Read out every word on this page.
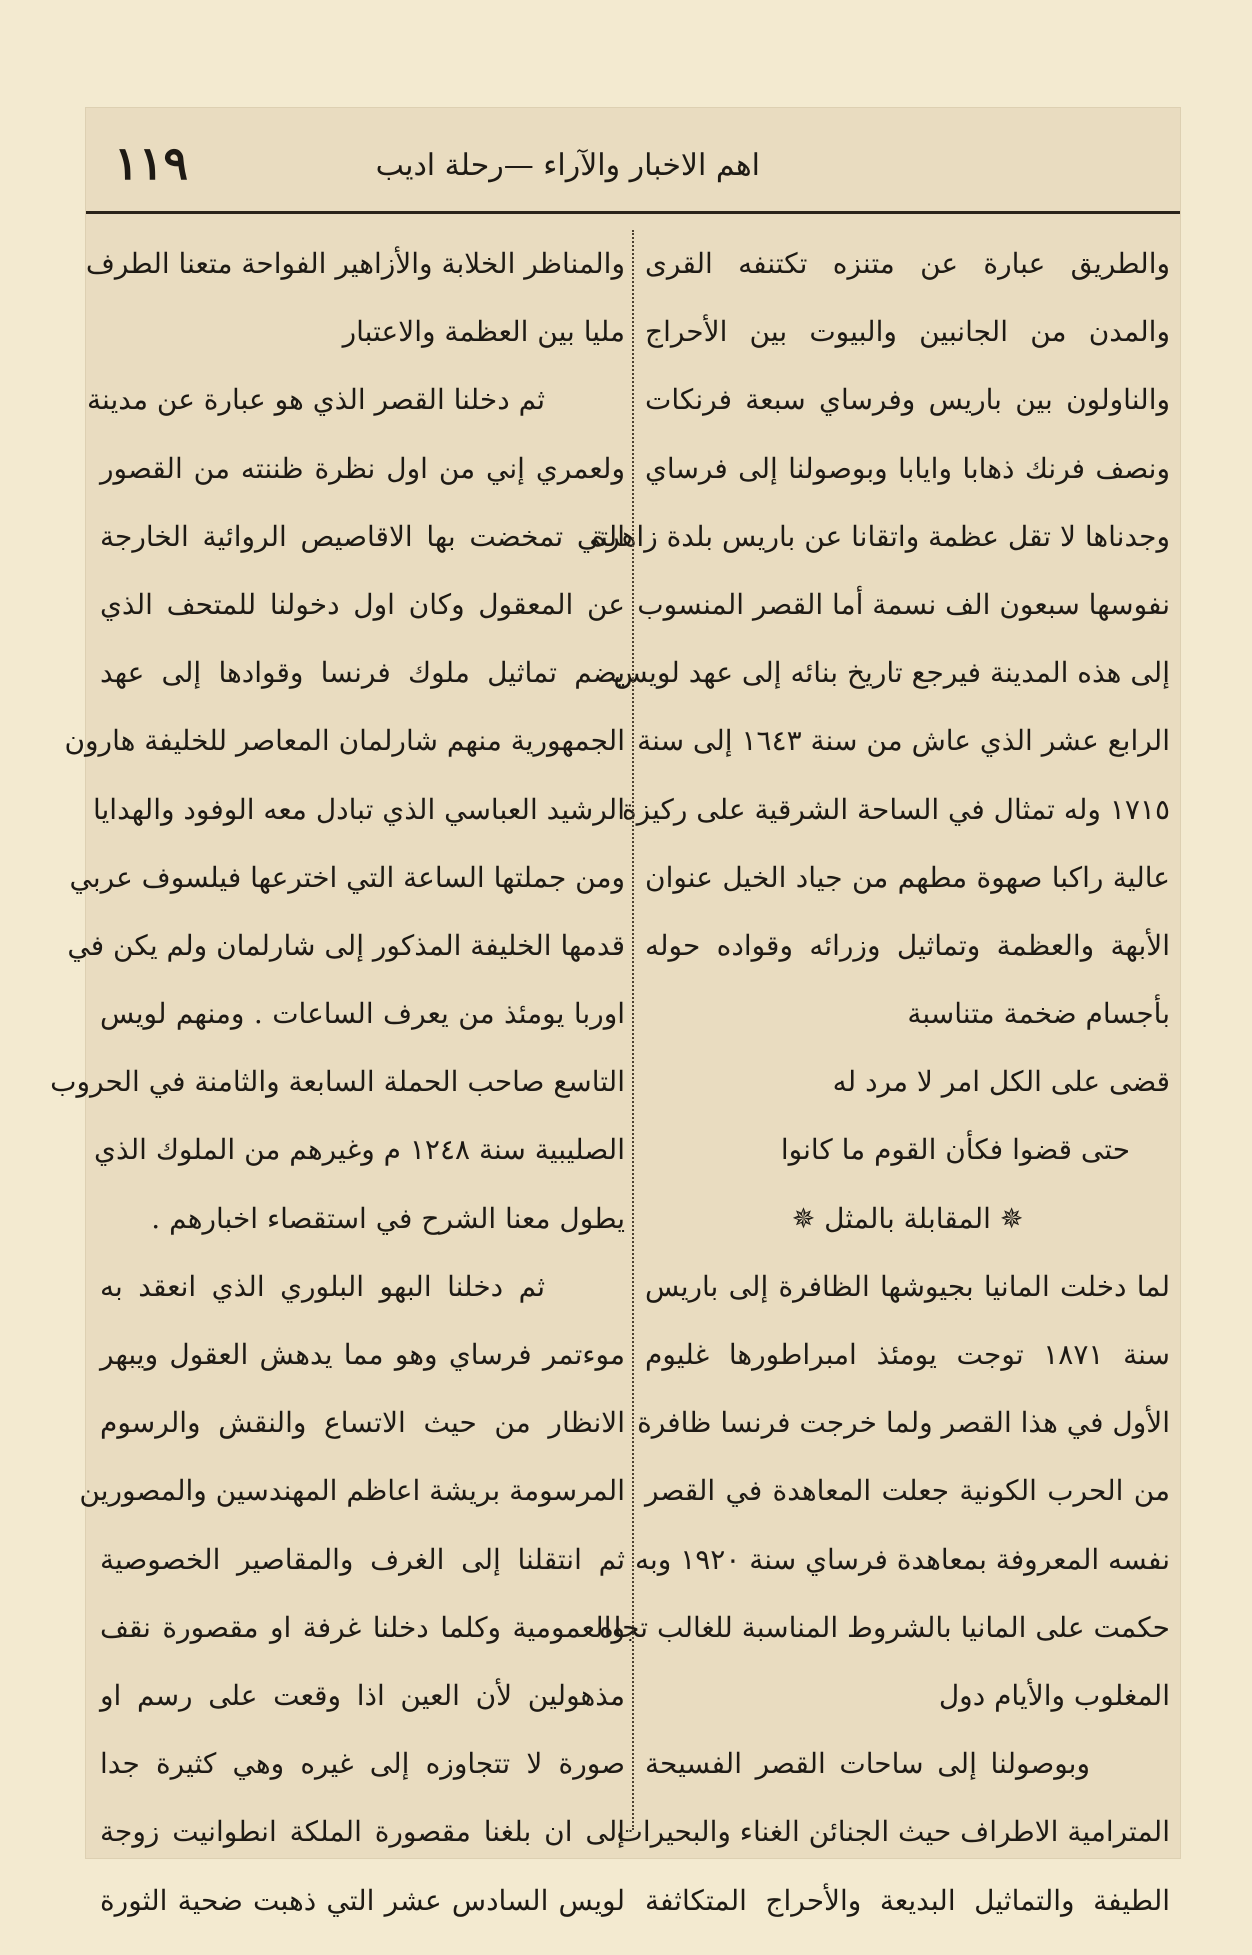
اهم الاخبار والآراء —رحلة اديب
١١٩
والطريق عبارة عن متنزه تكتنفه القرى
والمدن من الجانبين والبيوت بين الأحراج
والناولون بين باريس وفرساي سبعة فرنكات
ونصف فرنك ذهابا وايابا وبوصولنا إلى فرساي
وجدناها لا تقل عظمة واتقانا عن باريس بلدة زاهرة
نفوسها سبعون الف نسمة أما القصر المنسوب
إلى هذه المدينة فيرجع تاريخ بنائه إلى عهد لويس
الرابع عشر الذي عاش من سنة ١٦٤٣ إلى سنة
١٧١٥ وله تمثال في الساحة الشرقية على ركيزة
عالية راكبا صهوة مطهم من جياد الخيل عنوان
الأبهة والعظمة وتماثيل وزرائه وقواده حوله
بأجسام ضخمة متناسبة
قضى على الكل امر لا مرد له
حتى قضوا فكأن القوم ما كانوا
✵ المقابلة بالمثل ✵
لما دخلت المانيا بجيوشها الظافرة إلى باريس
سنة ١٨٧١ توجت يومئذ امبراطورها غليوم
الأول في هذا القصر ولما خرجت فرنسا ظافرة
من الحرب الكونية جعلت المعاهدة في القصر
نفسه المعروفة بمعاهدة فرساي سنة ١٩٢٠ وبه
حكمت على المانيا بالشروط المناسبة للغالب تجاه
المغلوب والأيام دول
وبوصولنا إلى ساحات القصر الفسيحة
المترامية الاطراف حيث الجنائن الغناء والبحيرات
الطيفة والتماثيل البديعة والأحراج المتكاثفة
والمناظر الخلابة والأزاهير الفواحة متعنا الطرف
مليا بين العظمة والاعتبار
ثم دخلنا القصر الذي هو عبارة عن مدينة
ولعمري إني من اول نظرة ظننته من القصور
التي تمخضت بها الاقاصيص الروائية الخارجة
عن المعقول وكان اول دخولنا للمتحف الذي
يضم تماثيل ملوك فرنسا وقوادها إلى عهد
الجمهورية منهم شارلمان المعاصر للخليفة هارون
الرشيد العباسي الذي تبادل معه الوفود والهدايا
ومن جملتها الساعة التي اخترعها فيلسوف عربي
قدمها الخليفة المذكور إلى شارلمان ولم يكن في
اوربا يومئذ من يعرف الساعات . ومنهم لويس
التاسع صاحب الحملة السابعة والثامنة في الحروب
الصليبية سنة ١٢٤٨ م وغيرهم من الملوك الذي
يطول معنا الشرح في استقصاء اخبارهم .
ثم دخلنا البهو البلوري الذي انعقد به
موءتمر فرساي وهو مما يدهش العقول ويبهر
الانظار من حيث الاتساع والنقش والرسوم
المرسومة بريشة اعاظم المهندسين والمصورين
ثم انتقلنا إلى الغرف والمقاصير الخصوصية
والعمومية وكلما دخلنا غرفة او مقصورة نقف
مذهولين لأن العين اذا وقعت على رسم او
صورة لا تتجاوزه إلى غيره وهي كثيرة جدا
إلى ان بلغنا مقصورة الملكة انطوانيت زوجة
لويس السادس عشر التي ذهبت ضحية الثورة
